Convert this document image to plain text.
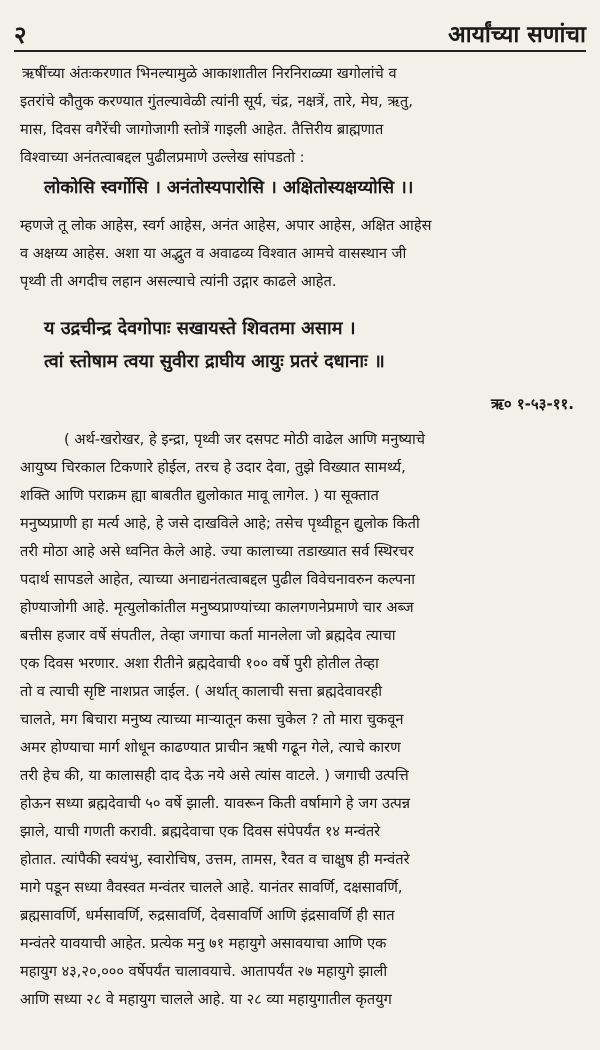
२	आर्यांच्या सणांचा
ऋषींच्या अंतःकरणात भिनल्यामुळे आकाशातील निरनिराळ्या खगोलांचे व
इतरांचे कौतुक करण्यात गुंतल्यावेळी त्यांनी सूर्य, चंद्र, नक्षत्रें, तारे, मेघ, ऋतु,
मास, दिवस वगैरेंची जागोजागी स्तोत्रें गाइली आहेत. तैत्तिरीय ब्राह्मणात
विश्वाच्या अनंतत्वाबद्दल पुढीलप्रमाणे उल्लेख सांपडतो :
लोकोसि स्वर्गोसि । अनंतोस्यपारोसि । अक्षितोस्यक्षय्योसि ।।
म्हणजे तू लोक आहेस, स्वर्ग आहेस, अनंत आहेस, अपार आहेस, अक्षित आहेस
व अक्षय्य आहेस. अशा या अद्भुत व अवाढव्य विश्वात आमचे वासस्थान जी
पृथ्वी ती अगदीच लहान असल्याचे त्यांनी उद्गार काढले आहेत.
य उद्रचीन्द्र देवगोपाः सखायस्ते शिवतमा असाम ।
त्वां स्तोषाम त्वया सुवीरा द्राघीय आयुः प्रतरं दधानाः ॥
ऋ० १-५३-११.
( अर्थ-खरोखर, हे इन्द्रा, पृथ्वी जर दसपट मोठी वाढेल आणि मनुष्याचे
आयुष्य चिरकाल टिकणारे होईल, तरच हे उदार देवा, तुझे विख्यात सामर्थ्य,
शक्ति आणि पराक्रम ह्या बाबतीत द्युलोकात मावू लागेल. ) या सूक्तात
मनुष्यप्राणी हा मर्त्य आहे, हे जसे दाखविले आहे; तसेच पृथ्वीहून द्युलोक किती
तरी मोठा आहे असे ध्वनित केले आहे. ज्या कालाच्या तडाख्यात सर्व स्थिरचर
पदार्थ सापडले आहेत, त्याच्या अनाद्यनंतत्वाबद्दल पुढील विवेचनावरुन कल्पना
होण्याजोगी आहे. मृत्युलोकांतील मनुष्यप्राण्यांच्या कालगणनेप्रमाणे चार अब्ज
बत्तीस हजार वर्षे संपतील, तेव्हा जगाचा कर्ता मानलेला जो ब्रह्मदेव त्याचा
एक दिवस भरणार. अशा रीतीने ब्रह्मदेवाची १०० वर्षे पुरी होतील तेव्हा
तो व त्याची सृष्टि नाशप्रत जाईल. ( अर्थात् कालाची सत्ता ब्रह्मदेवावरही
चालते, मग बिचारा मनुष्य त्याच्या माऱ्यातून कसा चुकेल ? तो मारा चुकवून
अमर होण्याचा मार्ग शोधून काढण्यात प्राचीन ऋषी गढून गेले, त्याचे कारण
तरी हेच की, या कालासही दाद देऊ नये असे त्यांस वाटले. ) जगाची उत्पत्ति
होऊन सध्या ब्रह्मदेवाची ५० वर्षे झाली. यावरून किती वर्षामागे हे जग उत्पन्न
झाले, याची गणती करावी. ब्रह्मदेवाचा एक दिवस संपेपर्यंत १४ मन्वंतरे
होतात. त्यांपैकी स्वयंभु, स्वारोचिष, उत्तम, तामस, रैवत व चाक्षुष ही मन्वंतरे
मागे पडून सध्या वैवस्वत मन्वंतर चालले आहे. यानंतर सावर्णि, दक्षसावर्णि,
ब्रह्मसावर्णि, धर्मसावर्णि, रुद्रसावर्णि, देवसावर्णि आणि इंद्रसावर्णि ही सात
मन्वंतरे यावयाची आहेत. प्रत्येक मनु ७१ महायुगे असावयाचा आणि एक
महायुग ४३,२०,००० वर्षेपर्यंत चालावयाचे. आतापर्यंत २७ महायुगे झाली
आणि सध्या २८ वे महायुग चालले आहे. या २८ व्या महायुगातील कृतयुग
